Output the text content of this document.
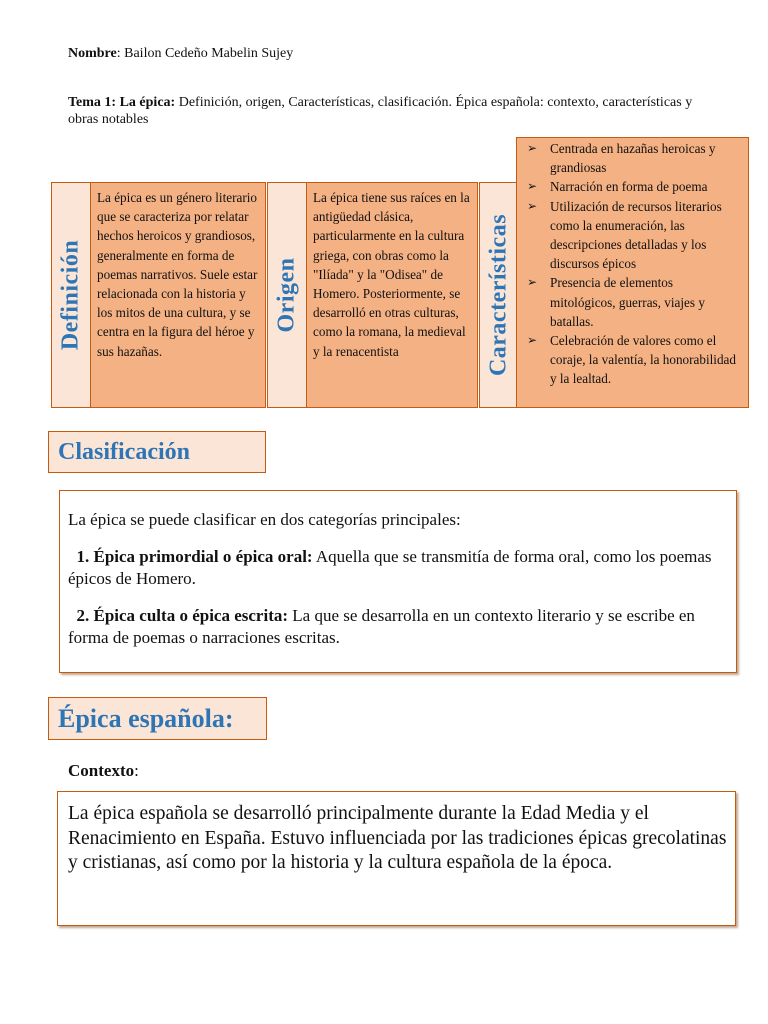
Nombre: Bailon Cedeño Mabelin Sujey
Tema 1: La épica: Definición, origen, Características, clasificación. Épica española: contexto, características y obras notables
Definición
La épica es un género literario que se caracteriza por relatar hechos heroicos y grandiosos, generalmente en forma de poemas narrativos. Suele estar relacionada con la historia y los mitos de una cultura, y se centra en la figura del héroe y sus hazañas.
Origen
La épica tiene sus raíces en la antigüedad clásica, particularmente en la cultura griega, con obras como la "Ilíada" y la "Odisea" de Homero. Posteriormente, se desarrolló en otras culturas, como la romana, la medieval y la renacentista	Características
➢ Centrada en hazañas heroicas y grandiosas
➢ Narración en forma de poema
➢ Utilización de recursos literarios como la enumeración, las descripciones detalladas y los discursos épicos
➢ Presencia de elementos mitológicos, guerras, viajes y batallas.
➢ Celebración de valores como el coraje, la valentía, la honorabilidad y la lealtad.
Clasificación

La épica se puede clasificar en dos categorías principales:

1. Épica primordial o épica oral: Aquella que se transmitía de forma oral, como los poemas épicos de Homero.

2. Épica culta o épica escrita: La que se desarrolla en un contexto literario y se escribe en forma de poemas o narraciones escritas.

Épica española:
Contexto:

La épica española se desarrolló principalmente durante la Edad Media y el Renacimiento en España. Estuvo influenciada por las tradiciones épicas grecolatinas y cristianas, así como por la historia y la cultura española de la época.
